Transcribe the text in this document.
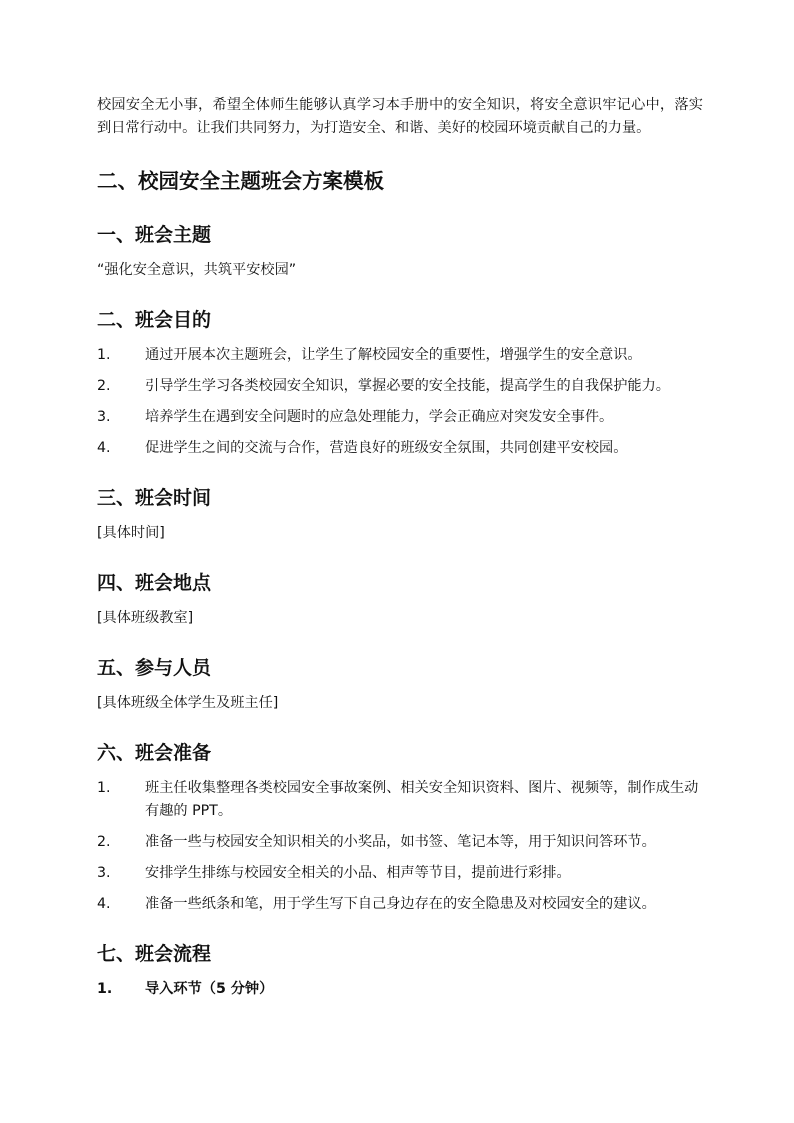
校园安全无小事，希望全体师生能够认真学习本手册中的安全知识，将安全意识牢记心中，落实到日常行动中。让我们共同努力，为打造安全、和谐、美好的校园环境贡献自己的力量。

二、校园安全主题班会方案模板
一、班会主题

“强化安全意识，共筑平安校园”

二、班会目的
1.	通过开展本次主题班会，让学生了解校园安全的重要性，增强学生的安全意识。
2.	引导学生学习各类校园安全知识，掌握必要的安全技能，提高学生的自我保护能力。
3.	培养学生在遇到安全问题时的应急处理能力，学会正确应对突发安全事件。
4.	促进学生之间的交流与合作，营造良好的班级安全氛围，共同创建平安校园。
三、班会时间

[具体时间]

四、班会地点

[具体班级教室]

五、参与人员

[具体班级全体学生及班主任]

六、班会准备
1.	班主任收集整理各类校园安全事故案例、相关安全知识资料、图片、视频等，制作成生动有趣的 PPT。
2.	准备一些与校园安全知识相关的小奖品，如书签、笔记本等，用于知识问答环节。
3.	安排学生排练与校园安全相关的小品、相声等节目，提前进行彩排。
4.	准备一些纸条和笔，用于学生写下自己身边存在的安全隐患及对校园安全的建议。
七、班会流程
1.	导入环节（5 分钟）
